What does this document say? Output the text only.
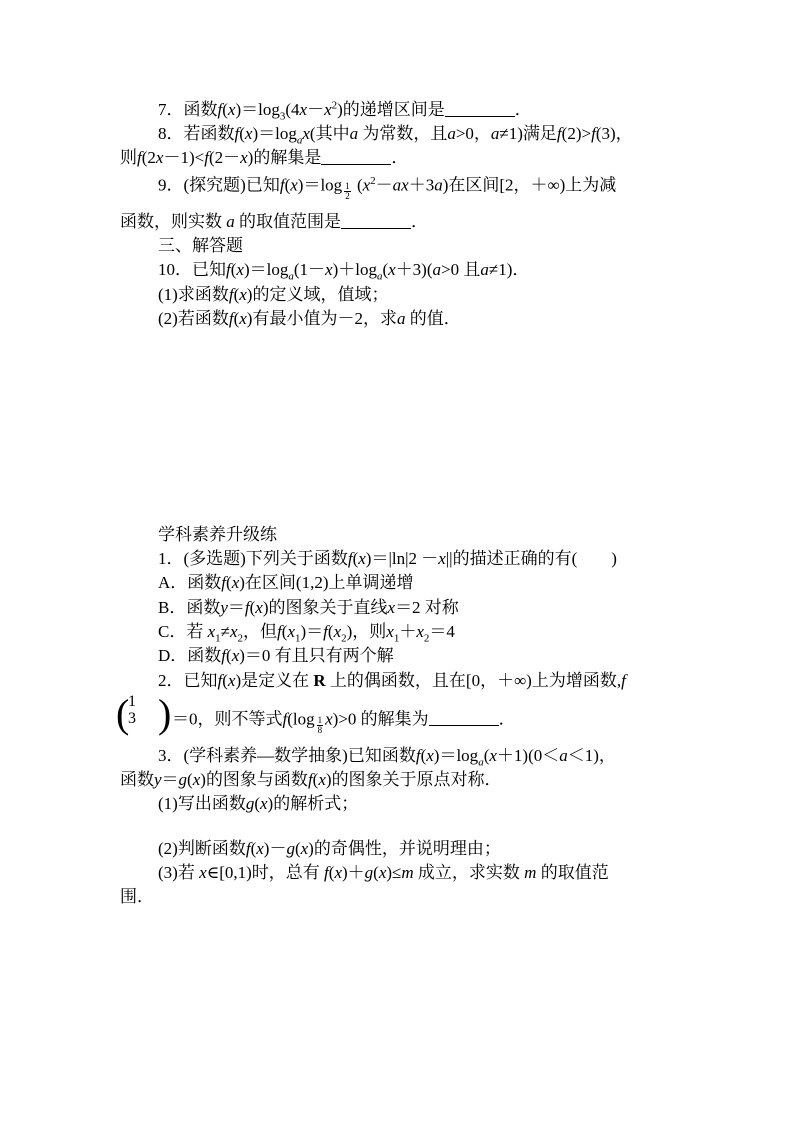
7．函数$f(x)=\log_3(4x-x^2)$的递增区间是	．
8．若函数$f(x)=\log_ax$(其中a 为常数，且a>0，a≠1)满足f(2)>f(3)，
则f(2x－1)<f(2－x)的解集是	．
9．(探究题)已知$f(x)=\log \frac{1}{2} (x^2-ax+3a)$在区间[2，＋∞)上为减
函数，则实数 a 的取值范围是	．
三、解答题
10．已知$f(x)=\log_a(1-x)+\log_a(x+3)(a>0$ 且a≠1)．
(1)求函数f(x)的定义域，值域；
(2)若函数f(x)有最小值为－2，求a 的值．
学科素养升级练
1．(多选题)下列关于函数f(x)＝|ln|2 －x||的描述正确的有(　　)
A．函数f(x)在区间(1,2)上单调递增
B．函数y＝f(x)的图象关于直线x＝2 对称
C．若 $x_1\ne x_2$，但$f(x_1)=f(x_2)$，则$x_1+x_2=4$
D．函数f(x)＝0 有且只有两个解
2．已知f(x)是定义在 R 上的偶函数，且在[0，＋∞)上为增函数,f
(
1
3 ) ＝0，则不等式$f(\log \frac{1}{8} x)>0$ 的解集为	．
3．(学科素养—数学抽象)已知函数$f(x)=\log_a(x+1)(0<a<1)$，
函数y＝g(x)的图象与函数f(x)的图象关于原点对称．
(1)写出函数g(x)的解析式；
(2)判断函数f(x)－g(x)的奇偶性，并说明理由；
(3)若 x∈[0,1)时，总有 f(x)＋g(x)≤m 成立，求实数 m 的取值范
围．
